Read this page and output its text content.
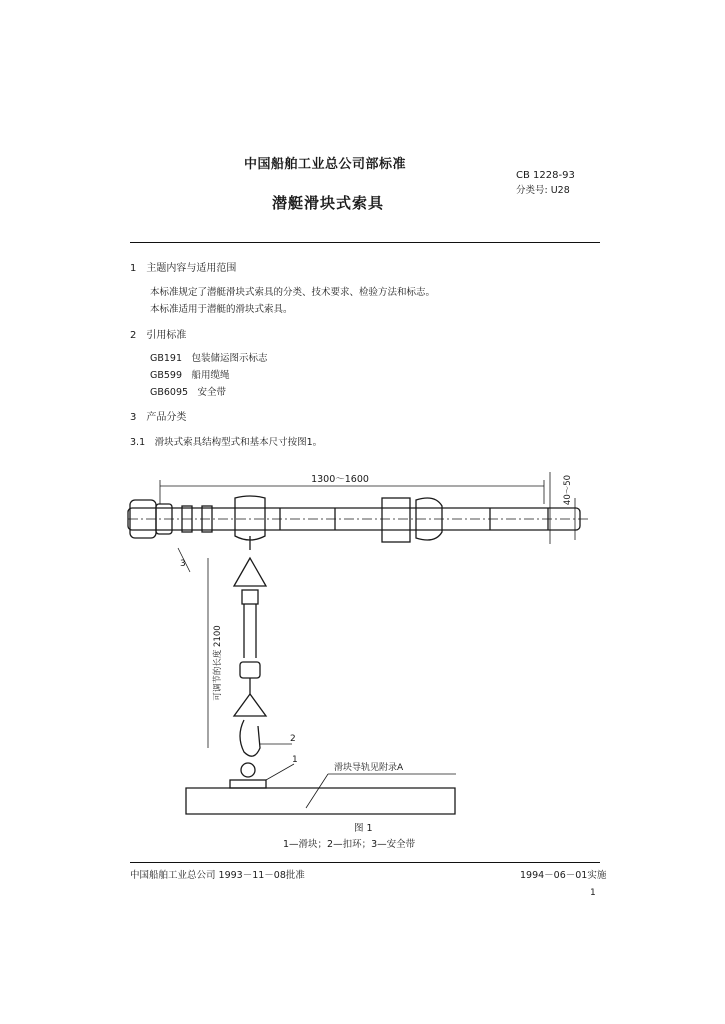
中国船舶工业总公司部标准
CB 1228-93
分类号: U28
潜艇滑块式索具
1　主题内容与适用范围
本标准规定了潜艇滑块式索具的分类、技术要求、检验方法和标志。
本标准适用于潜艇的滑块式索具。
2　引用标准
GB191　包装储运图示标志
GB599　船用缆绳
GB6095　安全带
3　产品分类
3.1　滑块式索具结构型式和基本尺寸按图1。
1300～1600	40～50
可调节的长度 2100
3
2
1
滑块导轨见附录A
图 1
1—滑块；2—扣环；3—安全带
中国船舶工业总公司 1993－11－08批准	1994－06－01实施
1
